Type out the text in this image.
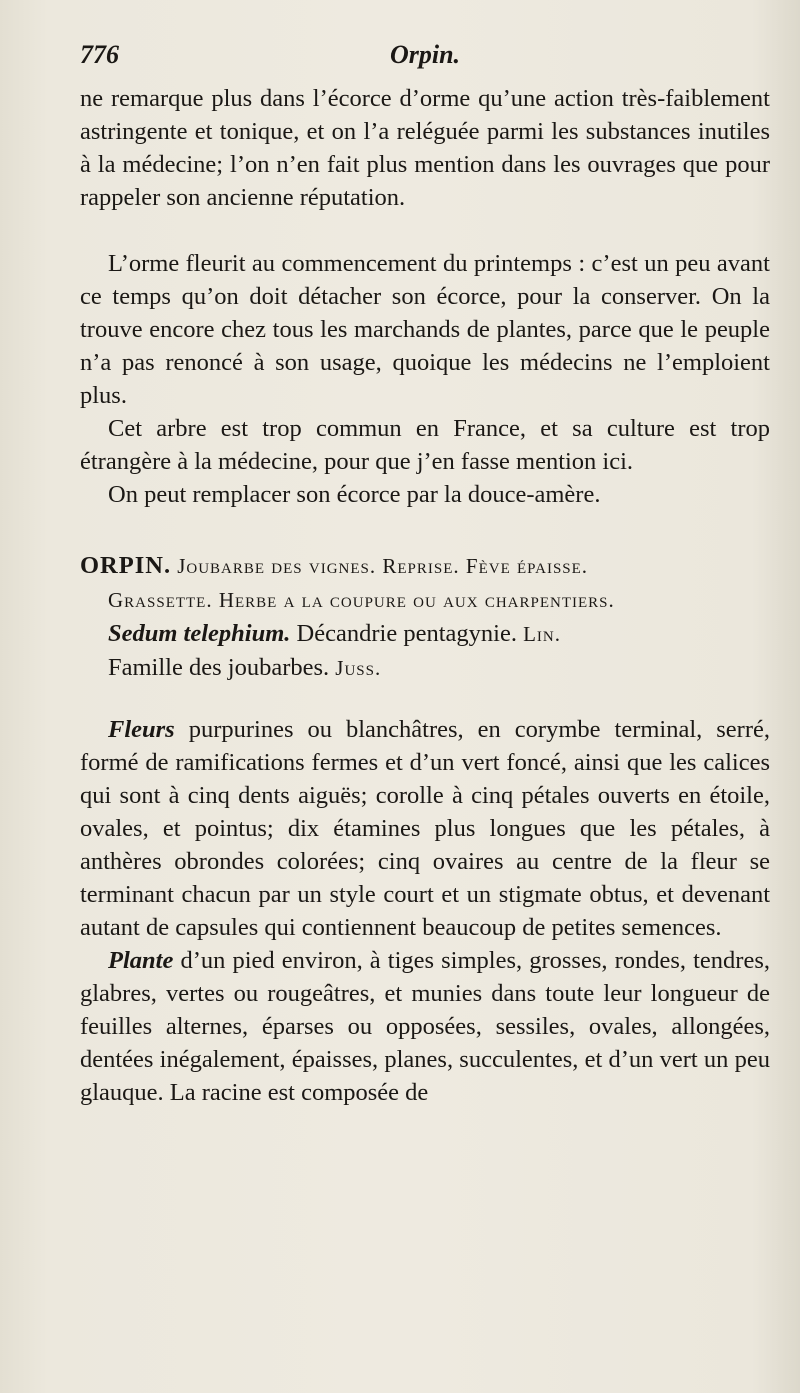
776	Orpin.

ne remarque plus dans l’écorce d’orme qu’une action très-faiblement astringente et tonique, et on l’a reléguée parmi les substances inutiles à la médecine; l’on n’en fait plus mention dans les ouvrages que pour rappeler son ancienne réputation.

L’orme fleurit au commencement du printemps : c’est un peu avant ce temps qu’on doit détacher son écorce, pour la conserver. On la trouve encore chez tous les marchands de plantes, parce que le peuple n’a pas renoncé à son usage, quoique les médecins ne l’emploient plus.

Cet arbre est trop commun en France, et sa culture est trop étrangère à la médecine, pour que j’en fasse mention ici.

On peut remplacer son écorce par la douce-amère.

ORPIN. Joubarbe des vignes. Reprise. Fève épaisse.
Grassette. Herbe a la coupure ou aux charpentiers.
Sedum telephium. Décandrie pentagynie. Lin.
Famille des joubarbes. Juss.

Fleurs purpurines ou blanchâtres, en corymbe terminal, serré, formé de ramifications fermes et d’un vert foncé, ainsi que les calices qui sont à cinq dents aiguës; corolle à cinq pétales ouverts en étoile, ovales, et pointus; dix étamines plus longues que les pétales, à anthères obrondes colorées; cinq ovaires au centre de la fleur se terminant chacun par un style court et un stigmate obtus, et devenant autant de capsules qui contiennent beaucoup de petites semences.

Plante d’un pied environ, à tiges simples, grosses, rondes, tendres, glabres, vertes ou rougeâtres, et munies dans toute leur longueur de feuilles alternes, éparses ou opposées, sessiles, ovales, allongées, dentées inégalement, épaisses, planes, succulentes, et d’un vert un peu glauque. La racine est composée de
